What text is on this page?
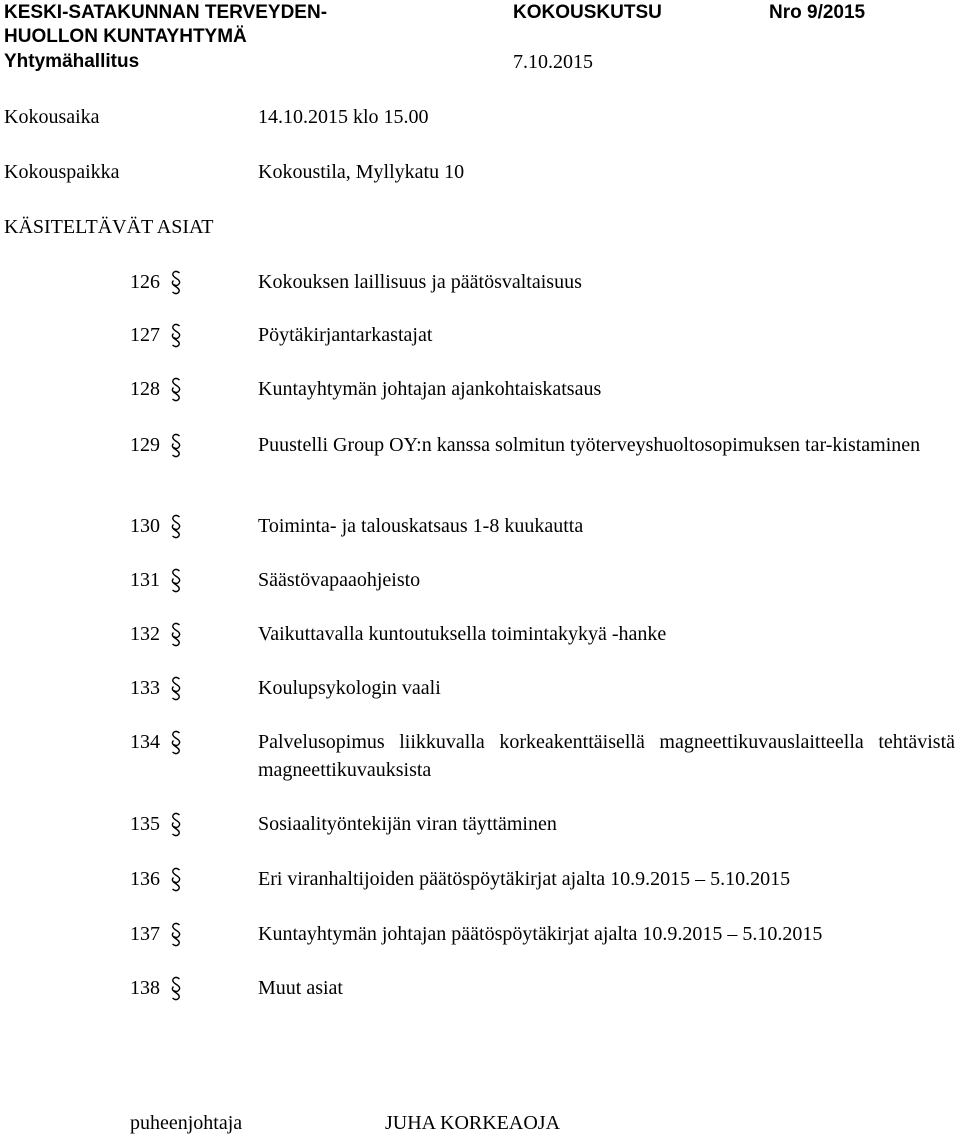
KESKI-SATAKUNNAN TERVEYDEN-
HUOLLON KUNTAYHTYMÄ
Yhtymähallitus
KOKOUSKUTSU	Nro 9/2015
7.10.2015
Kokousaika	14.10.2015 klo 15.00
Kokouspaikka	Kokoustila, Myllykatu 10
KÄSITELTÄVÄT ASIAT
126	Kokouksen laillisuus ja päätösvaltaisuus
127	Pöytäkirjantarkastajat
128	Kuntayhtymän johtajan ajankohtaiskatsaus
129	Puustelli Group OY:n kanssa solmitun työterveyshuoltosopimuksen tar-kistaminen
130	Toiminta- ja talouskatsaus 1-8 kuukautta
131	Säästövapaaohjeisto
132	Vaikuttavalla kuntoutuksella toimintakykyä -hanke
133	Koulupsykologin vaali
134	Palvelusopimus liikkuvalla korkeakenttäisellä magneettikuvauslaitteella tehtävistä magneettikuvauksista
135	Sosiaalityöntekijän viran täyttäminen
136	Eri viranhaltijoiden päätöspöytäkirjat ajalta 10.9.2015 – 5.10.2015
137	Kuntayhtymän johtajan päätöspöytäkirjat ajalta 10.9.2015 – 5.10.2015
138	Muut asiat
puheenjohtaja	JUHA KORKEAOJA
